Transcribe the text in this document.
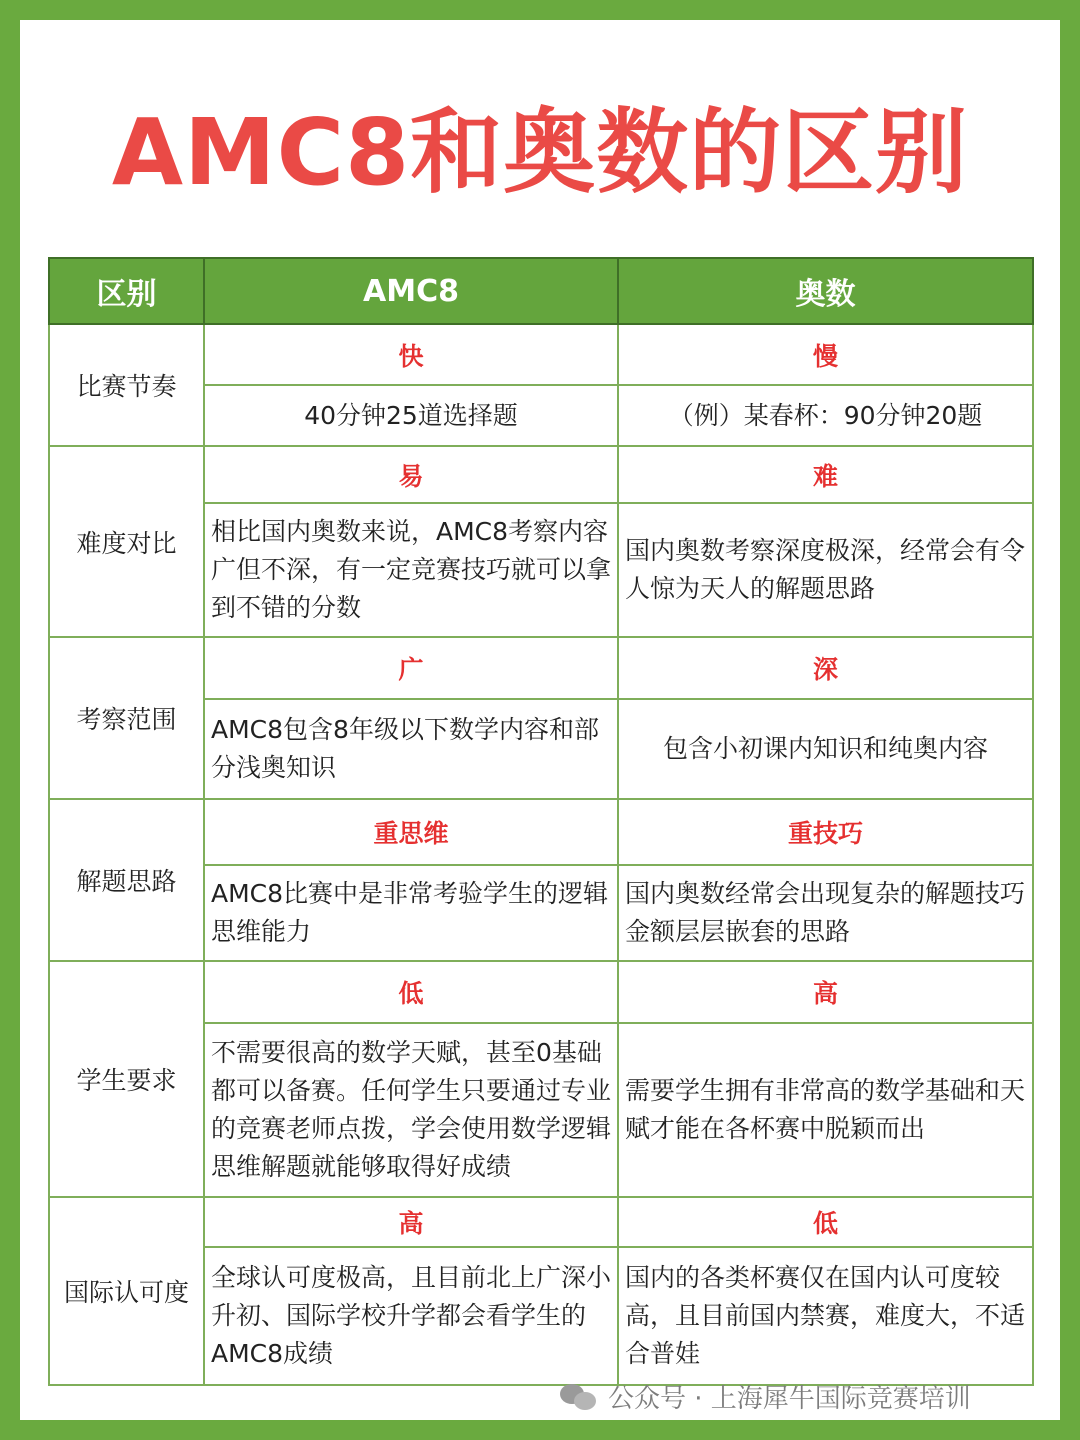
AMC8和奥数的区别
区别	AMC8	奥数
比赛节奏	快	慢
	40分钟25道选择题	（例）某春杯：90分钟20题
难度对比	易	难
	相比国内奥数来说，AMC8考察内容广但不深，有一定竞赛技巧就可以拿到不错的分数	国内奥数考察深度极深，经常会有令人惊为天人的解题思路
考察范围	广	深
	AMC8包含8年级以下数学内容和部分浅奥知识	包含小初课内知识和纯奥内容
解题思路	重思维	重技巧
	AMC8比赛中是非常考验学生的逻辑思维能力	国内奥数经常会出现复杂的解题技巧金额层层嵌套的思路
学生要求	低	高
	不需要很高的数学天赋，甚至0基础都可以备赛。任何学生只要通过专业的竞赛老师点拨，学会使用数学逻辑思维解题就能够取得好成绩	需要学生拥有非常高的数学基础和天赋才能在各杯赛中脱颖而出
国际认可度	高	低
	全球认可度极高，且目前北上广深小升初、国际学校升学都会看学生的AMC8成绩	国内的各类杯赛仅在国内认可度较高，且目前国内禁赛，难度大，不适合普娃
公众号 · 上海犀牛国际竞赛培训
